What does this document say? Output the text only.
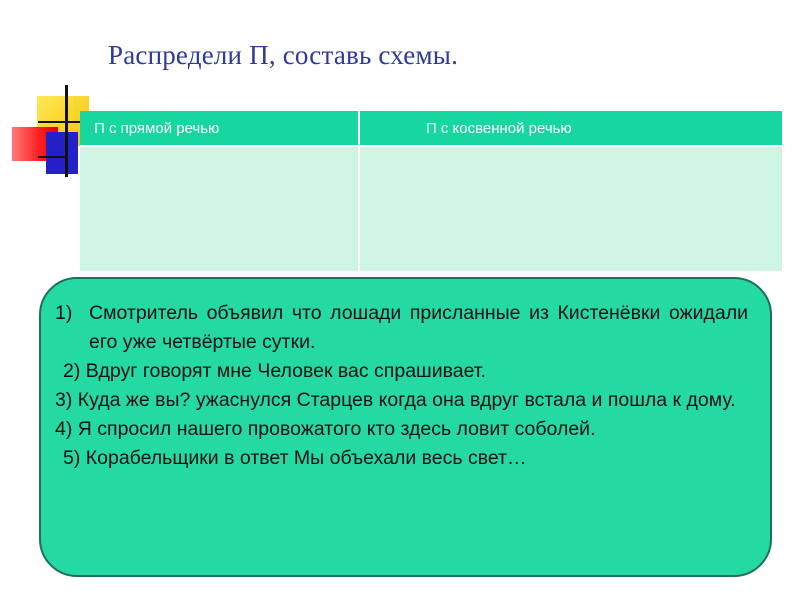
Распредели П, составь схемы.
П с прямой речью	П с косвенной речью

1) Смотритель объявил что лошади присланные из Кистенёвки ожидали его уже четвёртые сутки.

2) Вдруг говорят мне Человек вас спрашивает.

3) Куда же вы? ужаснулся Старцев когда она вдруг встала и пошла к дому.

4) Я спросил нашего провожатого кто здесь ловит соболей.

5) Корабельщики в ответ Мы объехали весь свет…
